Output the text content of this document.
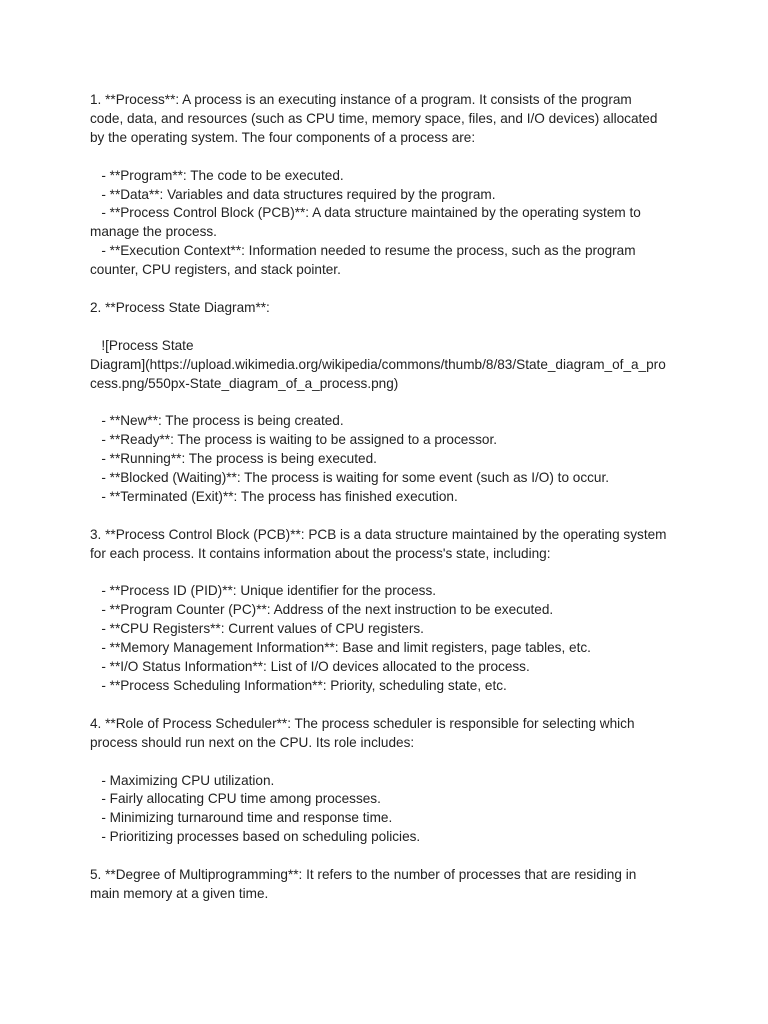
1. **Process**: A process is an executing instance of a program. It consists of the program

code, data, and resources (such as CPU time, memory space, files, and I/O devices) allocated

by the operating system. The four components of a process are:

- **Program**: The code to be executed.

- **Data**: Variables and data structures required by the program.

- **Process Control Block (PCB)**: A data structure maintained by the operating system to

manage the process.

- **Execution Context**: Information needed to resume the process, such as the program

counter, CPU registers, and stack pointer.

2. **Process State Diagram**:

![Process State

Diagram](https://upload.wikimedia.org/wikipedia/commons/thumb/8/83/State_diagram_of_a_pro

cess.png/550px-State_diagram_of_a_process.png)

- **New**: The process is being created.

- **Ready**: The process is waiting to be assigned to a processor.

- **Running**: The process is being executed.

- **Blocked (Waiting)**: The process is waiting for some event (such as I/O) to occur.

- **Terminated (Exit)**: The process has finished execution.

3. **Process Control Block (PCB)**: PCB is a data structure maintained by the operating system

for each process. It contains information about the process's state, including:

- **Process ID (PID)**: Unique identifier for the process.

- **Program Counter (PC)**: Address of the next instruction to be executed.

- **CPU Registers**: Current values of CPU registers.

- **Memory Management Information**: Base and limit registers, page tables, etc.

- **I/O Status Information**: List of I/O devices allocated to the process.

- **Process Scheduling Information**: Priority, scheduling state, etc.

4. **Role of Process Scheduler**: The process scheduler is responsible for selecting which

process should run next on the CPU. Its role includes:

- Maximizing CPU utilization.

- Fairly allocating CPU time among processes.

- Minimizing turnaround time and response time.

- Prioritizing processes based on scheduling policies.

5. **Degree of Multiprogramming**: It refers to the number of processes that are residing in

main memory at a given time.
